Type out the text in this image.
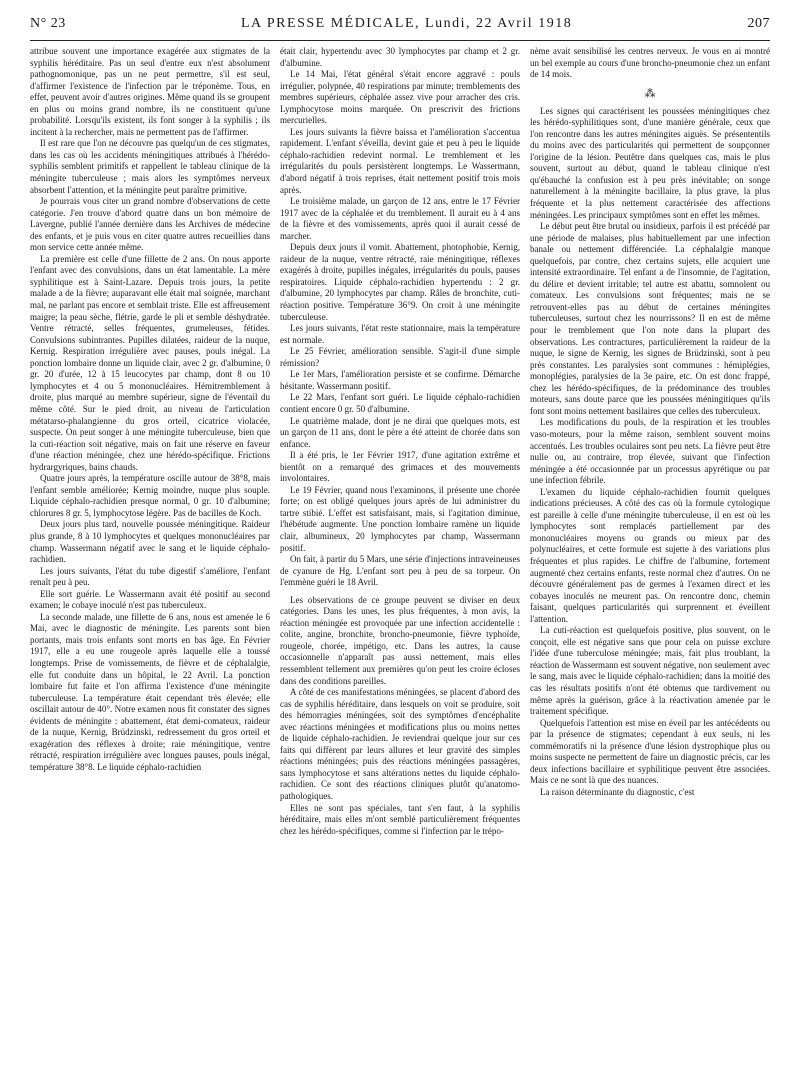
N° 23	LA PRESSE MÉDICALE, Lundi, 22 Avril 1918	207

attribue souvent une importance exagérée aux stigmates de la syphilis héréditaire. Pas un seul d'entre eux n'est absolument pathognomonique, pas un ne peut permettre, s'il est seul, d'affirmer l'existence de l'infection par le tréponème. Tous, en effet, peuvent avoir d'autres origines. Même quand ils se groupent en plus ou moins grand nombre, ils ne constituent qu'une probabilité. Lorsqu'ils existent, ils font songer à la syphilis ; ils incitent à la rechercher, mais ne permettent pas de l'affirmer.

Il est rare que l'on ne découvre pas quelqu'un de ces stigmates, dans les cas où les accidents méningitiques attribués à l'hérédo-syphilis semblent primitifs et rappellent le tableau clinique de la méningite tuberculeuse ; mais alors les symptômes nerveux absorbent l'attention, et la méningite peut paraître primitive.

Je pourrais vous citer un grand nombre d'observations de cette catégorie. J'en trouve d'abord quatre dans un bon mémoire de Lavergne, publié l'année dernière dans les Archives de médecine des enfants, et je puis vous en citer quatre autres recueillies dans mon service cette année même.

La première est celle d'une fillette de 2 ans. On nous apporte l'enfant avec des convulsions, dans un état lamentable. La mère syphilitique est à Saint-Lazare. Depuis trois jours, la petite malade a de la fièvre; auparavant elle était mal soignée, marchant mal, ne parlant pas encore et semblait triste. Elle est affreusement maigre; la peau sèche, flétrie, garde le pli et semble déshydratée. Ventre rétracté, selles fréquentes, grumeleuses, fétides. Convulsions subintrantes. Pupilles dilatées, raideur de la nuque, Kernig. Respiration irrégulière avec pauses, pouls inégal. La ponction lombaire donne un liquide clair, avec 2 gr. d'albumine, 0 gr. 20 d'urée, 12 à 15 leucocytes par champ, dont 8 ou 10 lymphocytes et 4 ou 5 mononucléaires. Hémitremblement à droite, plus marqué au membre supérieur, signe de l'éventail du même côté. Sur le pied droit, au niveau de l'articulation métatarso-phalangienne du gros orteil, cicatrice violacée, suspecte. On peut songer à une méningite tuberculeuse, bien que la cuti-réaction soit négative, mais on fait une réserve en faveur d'une réaction méningée, chez une hérédo-spécifique. Frictions hydrargyriques, bains chauds.

Quatre jours après, la température oscille autour de 38°8, mais l'enfant semble améliorée; Kernig moindre, nuque plus souple. Liquide céphalo-rachidien presque normal, 0 gr. 10 d'albumine; chlorures 8 gr. 5, lymphocytose légère. Pas de bacilles de Koch.

Deux jours plus tard, nouvelle poussée méningitique. Raideur plus grande, 8 à 10 lymphocytes et quelques mononucléaires par champ. Wassermann négatif avec le sang et le liquide céphalo-rachidien.

Les jours suivants, l'état du tube digestif s'améliore, l'enfant renaît peu à peu.

Elle sort guérie. Le Wassermann avait été positif au second examen; le cobaye inoculé n'est pas tuberculeux.

La seconde malade, une fillette de 6 ans, nous est amenée le 6 Mai, avec le diagnostic de méningite. Les parents sont bien portants, mais trois enfants sont morts en bas âge. En Février 1917, elle a eu une rougeole après laquelle elle a toussé longtemps. Prise de vomissements, de fièvre et de céphalalgie, elle fut conduite dans un hôpital, le 22 Avril. La ponction lombaire fut faite et l'on affirma l'existence d'une méningite tuberculeuse. La température était cependant très élevée; elle oscillait autour de 40°. Notre examen nous fit constater des signes évidents de méningite : abattement, état demi-comateux, raideur de la nuque, Kernig, Brüdzinski, redressement du gros orteil et exagération des réflexes à droite; raie méningitique, ventre rétracté, respiration irrégulière avec longues pauses, pouls inégal, température 38°8. Le liquide céphalo-rachidien

était clair, hypertendu avec 30 lymphocytes par champ et 2 gr. d'albumine.

Le 14 Mai, l'état général s'était encore aggravé : pouls irrégulier, polypnée, 40 respirations par minute; tremblements des membres supérieurs, céphalée assez vive pour arracher des cris. Lymphocytose moins marquée. On prescrivit des frictions mercurielles.

Les jours suivants la fièvre baissa et l'amélioration s'accentua rapidement. L'enfant s'éveilla, devint gaie et peu à peu le liquide céphalo-rachidien redevint normal. Le tremblement et les irrégularités du pouls persistèrent longtemps. Le Wassermann, d'abord négatif à trois reprises, était nettement positif trois mois après.

Le troisième malade, un garçon de 12 ans, entre le 17 Février 1917 avec de la céphalée et du tremblement. Il aurait eu à 4 ans de la fièvre et des vomissements, après quoi il aurait cessé de marcher.

Depuis deux jours il vomit. Abattement, photophobie, Kernig, raideur de la nuque, ventre rétracté, raie méningitique, réflexes exagérés à droite, pupilles inégales, irrégularités du pouls, pauses respiratoires. Liquide céphalo-rachidien hypertendu : 2 gr. d'albumine, 20 lymphocytes par champ. Râles de bronchite, cuti-réaction positive. Température 36°9. On croit à une méningite tuberculeuse.

Les jours suivants, l'état reste stationnaire, mais la température est normale.

Le 25 Février, amélioration sensible. S'agit-il d'une simple rémission?

Le 1er Mars, l'amélioration persiste et se confirme. Démarche hésitante. Wassermann positif.

Le 22 Mars, l'enfant sort guéri. Le liquide céphalo-rachidien contient encore 0 gr. 50 d'albumine.

Le quatrième malade, dont je ne dirai que quelques mots, est un garçon de 11 ans, dont le père a été atteint de chorée dans son enfance.

Il a été pris, le 1er Février 1917, d'une agitation extrême et bientôt on a remarqué des grimaces et des mouvements involontaires.

Le 19 Février, quand nous l'examinons, il présente une chorée forte; on est obligé quelques jours après de lui administrer du tartre stibié. L'effet est satisfaisant, mais, si l'agitation diminue, l'hébétude augmente. Une ponction lombaire ramène un liquide clair, albumineux, 20 lymphocytes par champ, Wassermann positif.

On fait, à partir du 5 Mars, une série d'injections intraveineuses de cyanure de Hg. L'enfant sort peu à peu de sa torpeur. On l'emmène guéri le 18 Avril.

Les observations de ce groupe peuvent se diviser en deux catégories. Dans les unes, les plus fréquentes, à mon avis, la réaction méningée est provoquée par une infection accidentelle : colite, angine, bronchite, broncho-pneumonie, fièvre typhoïde, rougeole, chorée, impétigo, etc. Dans les autres, la cause occasionnelle n'apparaît pas aussi nettement, mais elles ressemblent tellement aux premières qu'on peut les croire écloses dans des conditions pareilles.

A côté de ces manifestations méningées, se placent d'abord des cas de syphilis héréditaire, dans lesquels on voit se produire, soit des hémorragies méningées, soit des symptômes d'encéphalite avec réactions méningées et modifications plus ou moins nettes de liquide céphalo-rachidien. Je reviendrai quelque jour sur ces faits qui diffèrent par leurs allures et leur gravité des simples réactions méningées; puis des réactions méningées passagères, sans lymphocytose et sans altérations nettes du liquide céphalo-rachidien. Ce sont des réactions cliniques plutôt qu'anatomo-pathologiques.

Elles ne sont pas spéciales, tant s'en faut, à la syphilis héréditaire, mais elles m'ont semblé particulièrement fréquentes chez les hérédo-spécifiques, comme si l'infection par le trépo-

nème avait sensibilisé les centres nerveux. Je vous en ai montré un bel exemple au cours d'une broncho-pneumonie chez un enfant de 14 mois.

⁂

Les signes qui caractérisent les poussées méningitiques chez les hérédo-syphilitiques sont, d'une manière générale, ceux que l'on rencontre dans les autres méningites aiguës. Se présententils du moins avec des particularités qui permettent de soupçonner l'origine de la lésion. Peutêtre dans quelques cas, mais le plus souvent, surtout au début, quand le tableau clinique n'est qu'ébauché la confusion est à peu près inévitable; on songe naturellement à la méningite bacillaire, la plus grave, la plus fréquente et la plus nettement caractérisée des affections méningées. Les principaux symptômes sont en effet les mêmes.

Le début peut être brutal ou insidieux, parfois il est précédé par une période de malaises, plus habituellement par une infection banale ou nettement différenciée. La céphalalgie manque quelquefois, par contre, chez certains sujets, elle acquiert une intensité extraordinaire. Tel enfant a de l'insomnie, de l'agitation, du délire et devient irritable; tel autre est abattu, somnolent ou comateux. Les convulsions sont fréquentes; mais ne se retrouvent-elles pas au début de certaines méningites tuberculeuses, surtout chez les nourrissons? Il en est de même pour le tremblement que l'on note dans la plupart des observations. Les contractures, particulièrement la raideur de la nuque, le signe de Kernig, les signes de Brüdzinski, sont à peu près constantes. Les paralysies sont communes : hémiplégies, monoplégies, paralysies de la 3e paire, etc. On est donc frappé, chez les hérédo-spécifiques, de la prédominance des troubles moteurs, sans doute parce que les poussées méningitiques qu'ils font sont moins nettement basilaires que celles des tuberculeux.

Les modifications du pouls, de la respiration et les troubles vaso-moteurs, pour la même raison, semblent souvent moins accentués. Les troubles oculaires sont peu nets. La fièvre peut être nulle ou, au contraire, trop élevée, suivant que l'infection méningée a été occasionnée par un processus apyrétique ou par une infection fébrile.

L'examen du liquide céphalo-rachidien fournit quelques indications précieuses. A côté des cas où la formule cytologique est pareille à celle d'une méningite tuberculeuse, il en est où les lymphocytes sont remplacés partiellement par des mononucléaires moyens ou grands ou mieux par des polynucléaires, et cette formule est sujette à des variations plus fréquentes et plus rapides. Le chiffre de l'albumine, fortement augmenté chez certains enfants, reste normal chez d'autres. On ne découvre généralement pas de germes à l'examen direct et les cobayes inoculés ne meurent pas. On rencontre donc, chemin faisant, quelques particularités qui surprennent et éveillent l'attention.

La cuti-réaction est quelquefois positive, plus souvent, on le conçoit, elle est négative sans que pour cela on puisse exclure l'idée d'une tuberculose méningée; mais, fait plus troublant, la réaction de Wassermann est souvent négative, non seulement avec le sang, mais avec le liquide céphalo-rachidien; dans la moitié des cas les résultats positifs n'ont été obtenus que tardivement ou même après la guérison, grâce à la réactivation amenée par le traitement spécifique.

Quelquefois l'attention est mise en éveil par les antécédents ou par la présence de stigmates; cependant à eux seuls, ni les commémoratifs ni la présence d'une lésion dystrophique plus ou moins suspecte ne permettent de faire un diagnostic précis, car les deux infections bacillaire et syphilitique peuvent être associées. Mais ce ne sont là que des nuances.

La raison déterminante du diagnostic, c'est
